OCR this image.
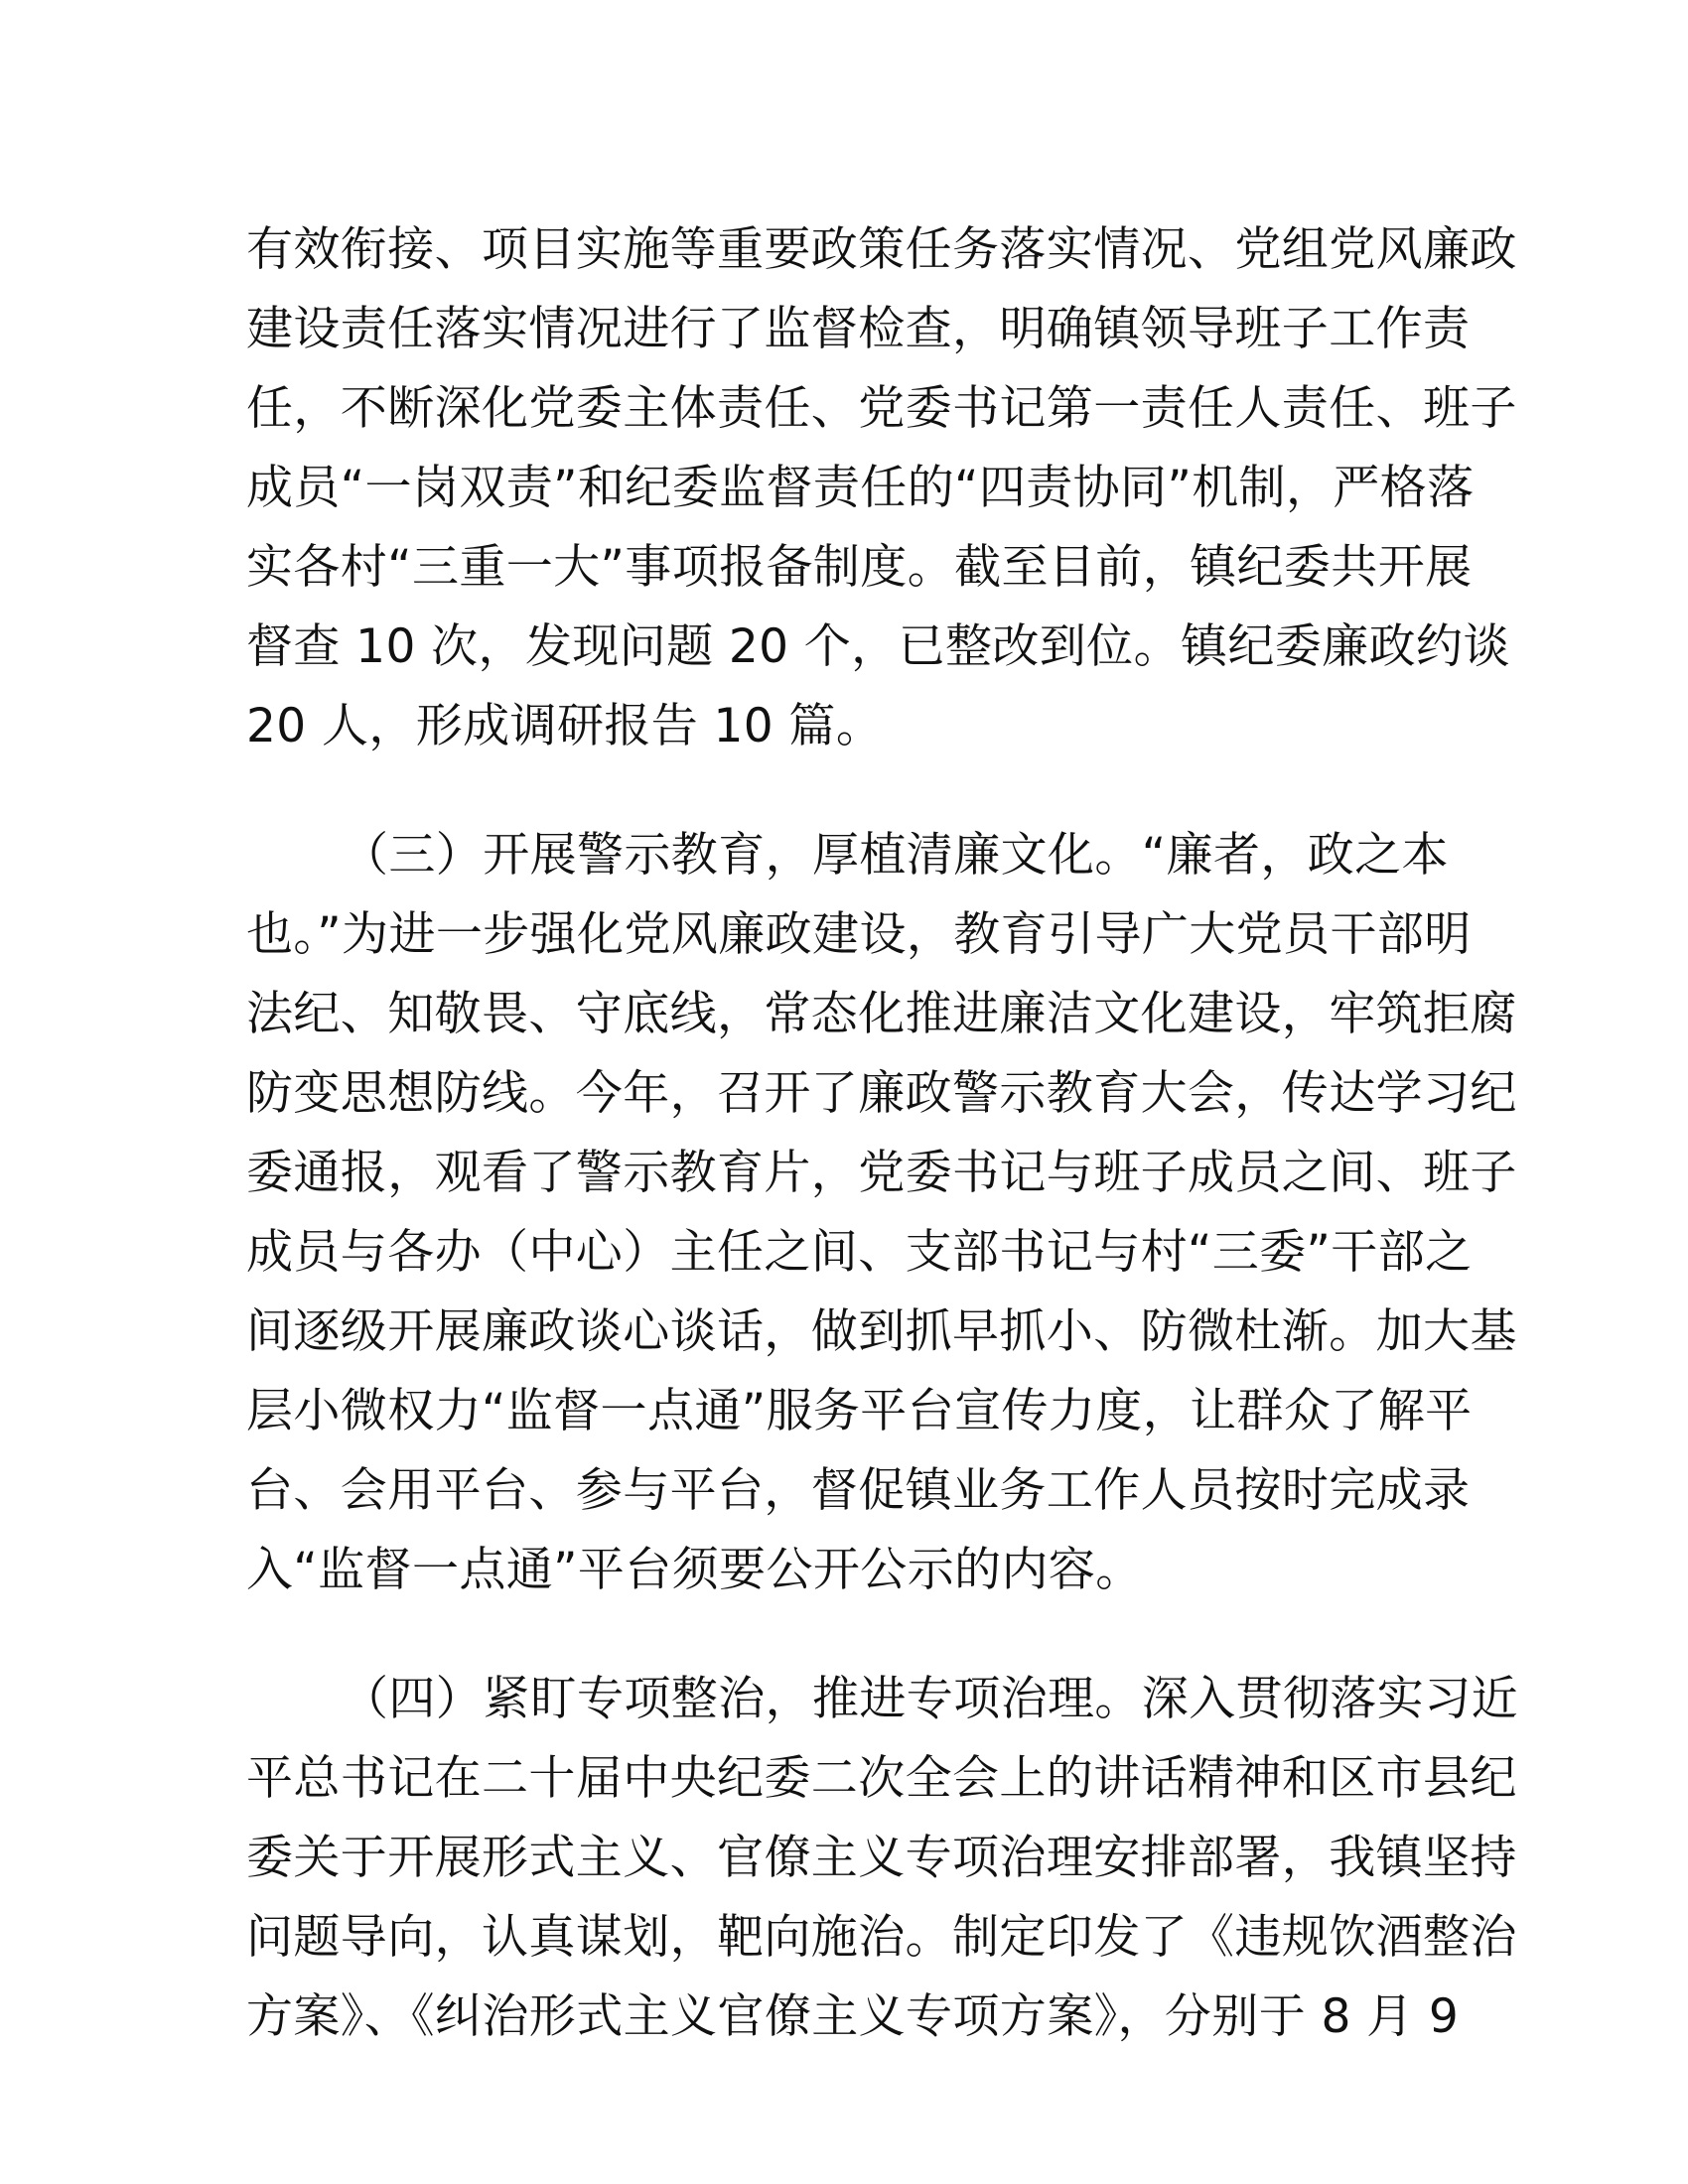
有效衔接、项目实施等重要政策任务落实情况、党组党风廉政
建设责任落实情况进行了监督检查，明确镇领导班子工作责
任，不断深化党委主体责任、党委书记第一责任人责任、班子
成员“一岗双责”和纪委监督责任的“四责协同”机制，严格落
实各村“三重一大”事项报备制度。截至目前，镇纪委共开展
督查 10 次，发现问题 20 个，已整改到位。镇纪委廉政约谈
20 人，形成调研报告 10 篇。
（三）开展警示教育，厚植清廉文化。“廉者，政之本
也。”为进一步强化党风廉政建设，教育引导广大党员干部明
法纪、知敬畏、守底线，常态化推进廉洁文化建设，牢筑拒腐
防变思想防线。今年，召开了廉政警示教育大会，传达学习纪
委通报，观看了警示教育片，党委书记与班子成员之间、班子
成员与各办（中心）主任之间、支部书记与村“三委”干部之
间逐级开展廉政谈心谈话，做到抓早抓小、防微杜渐。加大基
层小微权力“监督一点通”服务平台宣传力度，让群众了解平
台、会用平台、参与平台，督促镇业务工作人员按时完成录
入“监督一点通”平台须要公开公示的内容。
（四）紧盯专项整治，推进专项治理。深入贯彻落实习近
平总书记在二十届中央纪委二次全会上的讲话精神和区市县纪
委关于开展形式主义、官僚主义专项治理安排部署，我镇坚持
问题导向，认真谋划，靶向施治。制定印发了《违规饮酒整治
方案》、《纠治形式主义官僚主义专项方案》，分别于 8 月 9
